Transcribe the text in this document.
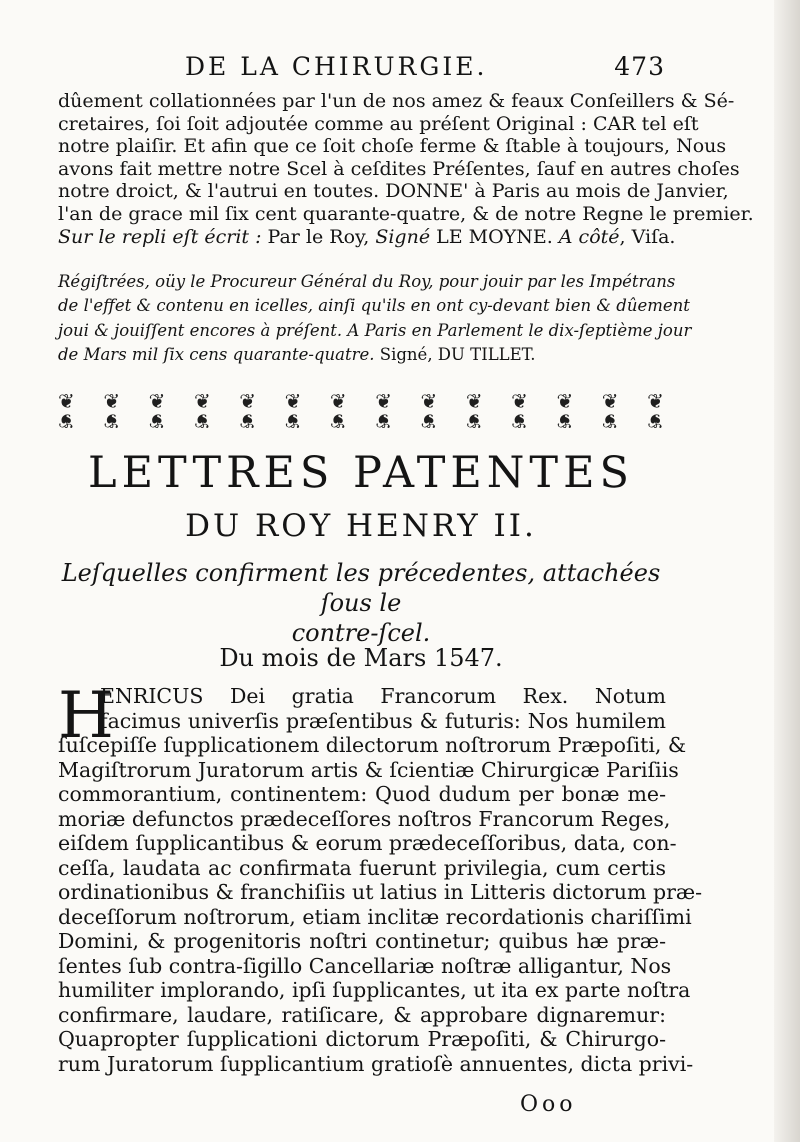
DE LA CHIRURGIE.	473
dûement collationnées par l'un de nos amez & feaux Conſeillers & Sé-
cretaires, ſoi ſoit adjoutée comme au préſent Original : CAR tel eſt
notre plaiſir. Et afin que ce ſoit choſe ferme & ſtable à toujours, Nous
avons fait mettre notre Scel à ceſdites Préſentes, ſauf en autres choſes
notre droict, & l'autrui en toutes. DONNE' à Paris au mois de Janvier,
l'an de grace mil ſix cent quarante-quatre, & de notre Regne le premier.
Sur le repli eſt écrit : Par le Roy, Signé LE MOYNE. A côté, Viſa.
Régiſtrées, oüy le Procureur Général du Roy, pour jouir par les Impétrans
de l'effet & contenu en icelles, ainſi qu'ils en ont cy-devant bien & dûement
joui & jouiſſent encores à préſent. A Paris en Parlement le dix-ſeptième jour
de Mars mil ſix cens quarante-quatre. Signé, DU TILLET.
❦
❦
❦
❦
❦
❦
❦
❦
❦
❦
❦
❦
❦
❦
❦
❦
❦
❦
❦
❦
❦
❦
❦
❦
❦
❦
❦
❦
LETTRES PATENTES
DU ROY HENRY II.
Leſquelles confirment les précedentes, attachées ſous le
contre-ſcel.
Du mois de Mars 1547.
H
ENRICUS Dei gratia Francorum Rex. Notum
facimus univerſis præſentibus & futuris: Nos humilem
ſuſcepiſſe ſupplicationem dilectorum noſtrorum Præpoſiti, &
Magiſtrorum Juratorum artis & ſcientiæ Chirurgicæ Pariſiis
commorantium, continentem: Quod dudum per bonæ me-
moriæ defunctos prædeceſſores noſtros Francorum Reges,
eiſdem ſupplicantibus & eorum prædeceſſoribus, data, con-
ceſſa, laudata ac confirmata fuerunt privilegia, cum certis
ordinationibus & franchiſiis ut latius in Litteris dictorum præ-
deceſſorum noſtrorum, etiam inclitæ recordationis chariſſimi
Domini, & progenitoris noſtri continetur; quibus hæ præ-
ſentes ſub contra-ſigillo Cancellariæ noſtræ alligantur, Nos
humiliter implorando, ipſi ſupplicantes, ut ita ex parte noſtra
confirmare, laudare, ratiſicare, & approbare dignaremur:
Quapropter ſupplicationi dictorum Præpoſiti, & Chirurgo-
rum Juratorum ſupplicantium gratioſè annuentes, dicta privi-
Ooo
